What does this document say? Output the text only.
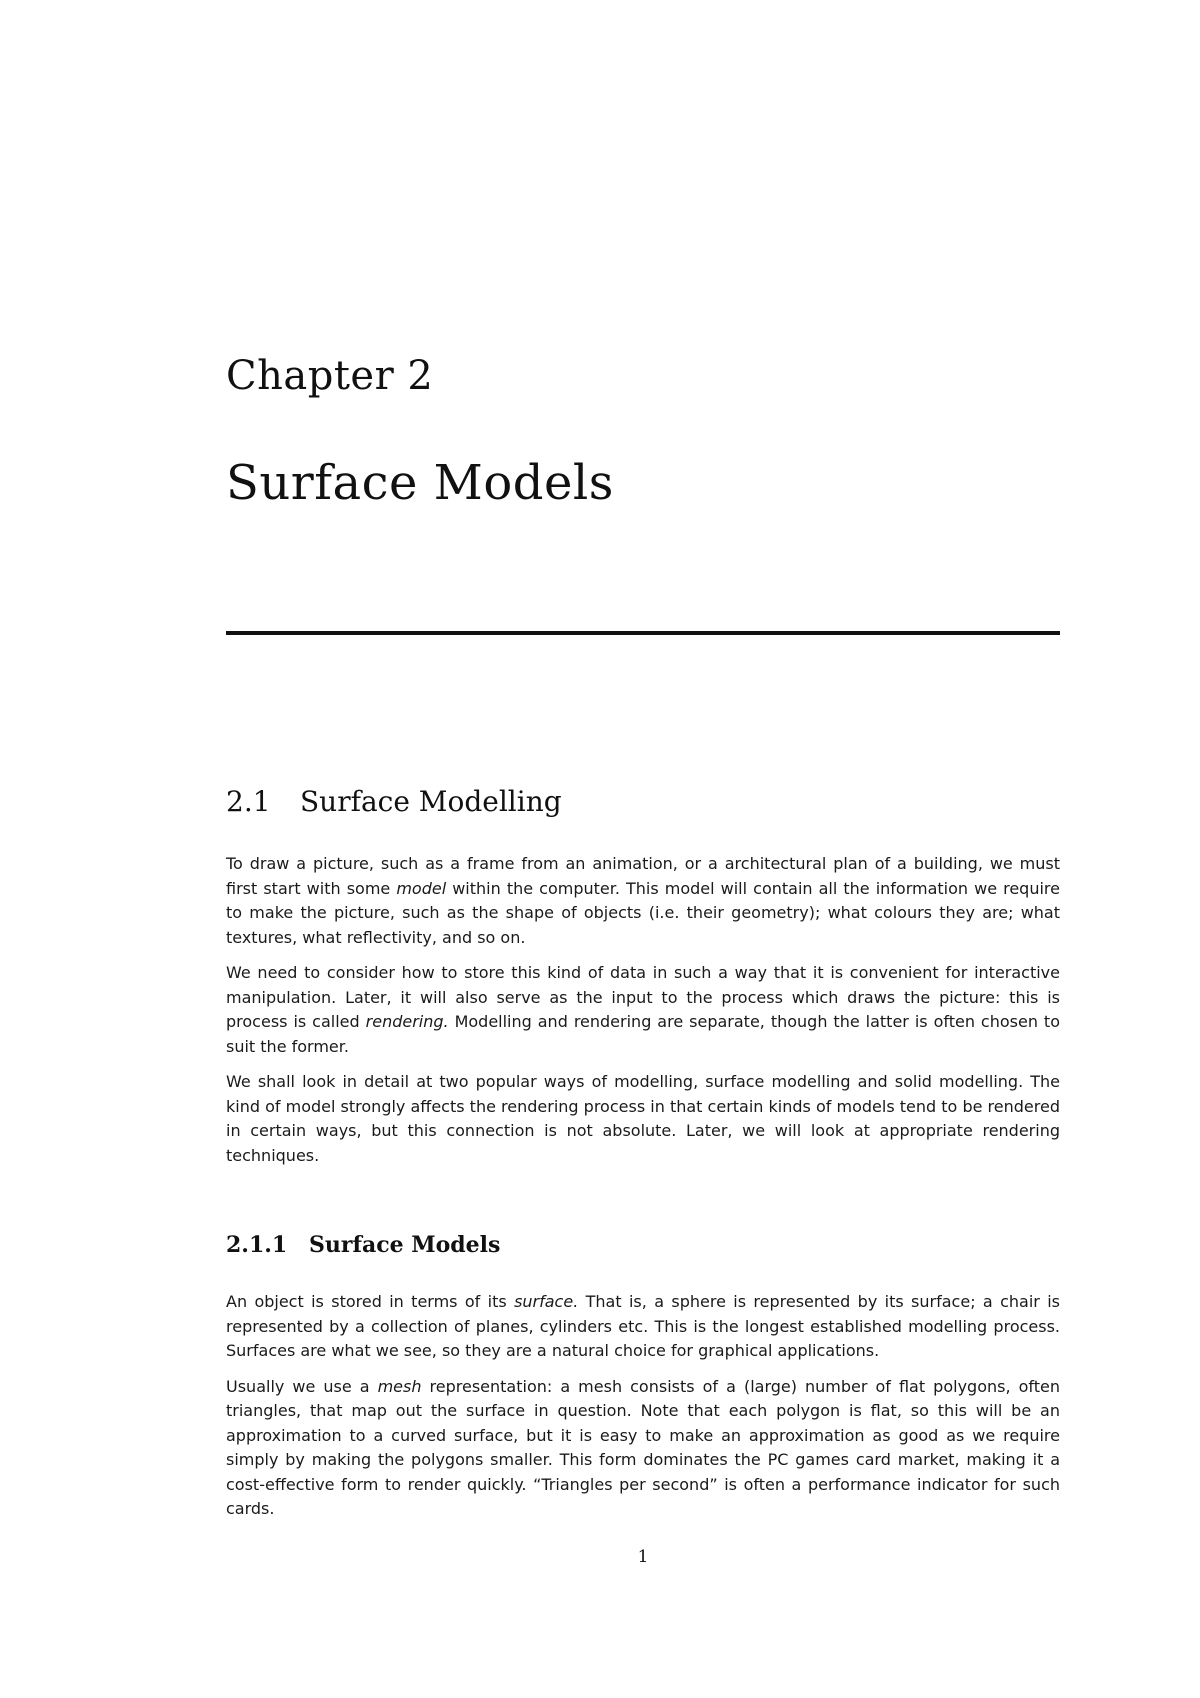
Chapter 2
Surface Models
2.1 Surface Modelling

To draw a picture, such as a frame from an animation, or a architectural plan of a building, we must first start with some model within the computer. This model will contain all the information we require to make the picture, such as the shape of objects (i.e. their geometry); what colours they are; what textures, what reflectivity, and so on.

We need to consider how to store this kind of data in such a way that it is convenient for interactive manipulation. Later, it will also serve as the input to the process which draws the picture: this is process is called rendering. Modelling and rendering are separate, though the latter is often chosen to suit the former.

We shall look in detail at two popular ways of modelling, surface modelling and solid modelling. The kind of model strongly affects the rendering process in that certain kinds of models tend to be rendered in certain ways, but this connection is not absolute. Later, we will look at appropriate rendering techniques.

2.1.1 Surface Models

An object is stored in terms of its surface. That is, a sphere is represented by its surface; a chair is represented by a collection of planes, cylinders etc. This is the longest established modelling process. Surfaces are what we see, so they are a natural choice for graphical applications.

Usually we use a mesh representation: a mesh consists of a (large) number of flat polygons, often triangles, that map out the surface in question. Note that each polygon is flat, so this will be an approximation to a curved surface, but it is easy to make an approximation as good as we require simply by making the polygons smaller. This form dominates the PC games card market, making it a cost-effective form to render quickly. “Triangles per second” is often a performance indicator for such cards.

1
